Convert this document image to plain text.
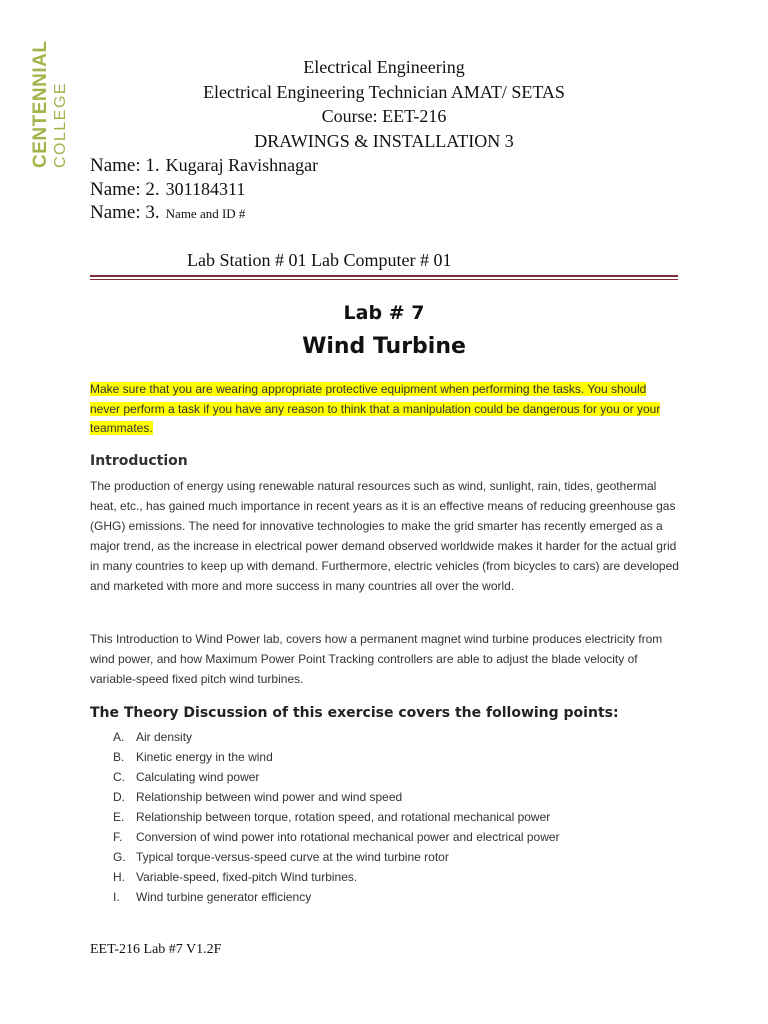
CENTENNIAL COLLEGE
Electrical Engineering
Electrical Engineering Technician AMAT/ SETAS
Course: EET-216
DRAWINGS & INSTALLATION 3
Name: 1. Kugaraj Ravishnagar
Name: 2. 301184311
Name: 3. Name and ID #
Lab Station # 01 Lab Computer # 01
Lab # 7
Wind Turbine
Make sure that you are wearing appropriate protective equipment when performing the tasks. You should never perform a task if you have any reason to think that a manipulation could be dangerous for you or your teammates.
Introduction
The production of energy using renewable natural resources such as wind, sunlight, rain, tides, geothermal heat, etc., has gained much importance in recent years as it is an effective means of reducing greenhouse gas (GHG) emissions. The need for innovative technologies to make the grid smarter has recently emerged as a major trend, as the increase in electrical power demand observed worldwide makes it harder for the actual grid in many countries to keep up with demand. Furthermore, electric vehicles (from bicycles to cars) are developed and marketed with more and more success in many countries all over the world.
This Introduction to Wind Power lab, covers how a permanent magnet wind turbine produces electricity from wind power, and how Maximum Power Point Tracking controllers are able to adjust the blade velocity of variable-speed fixed pitch wind turbines.
The Theory Discussion of this exercise covers the following points:
A. Air density
B. Kinetic energy in the wind
C. Calculating wind power
D. Relationship between wind power and wind speed
E. Relationship between torque, rotation speed, and rotational mechanical power
F. Conversion of wind power into rotational mechanical power and electrical power
G. Typical torque-versus-speed curve at the wind turbine rotor
H. Variable-speed, fixed-pitch Wind turbines.
I. Wind turbine generator efficiency
EET-216 Lab #7 V1.2F
